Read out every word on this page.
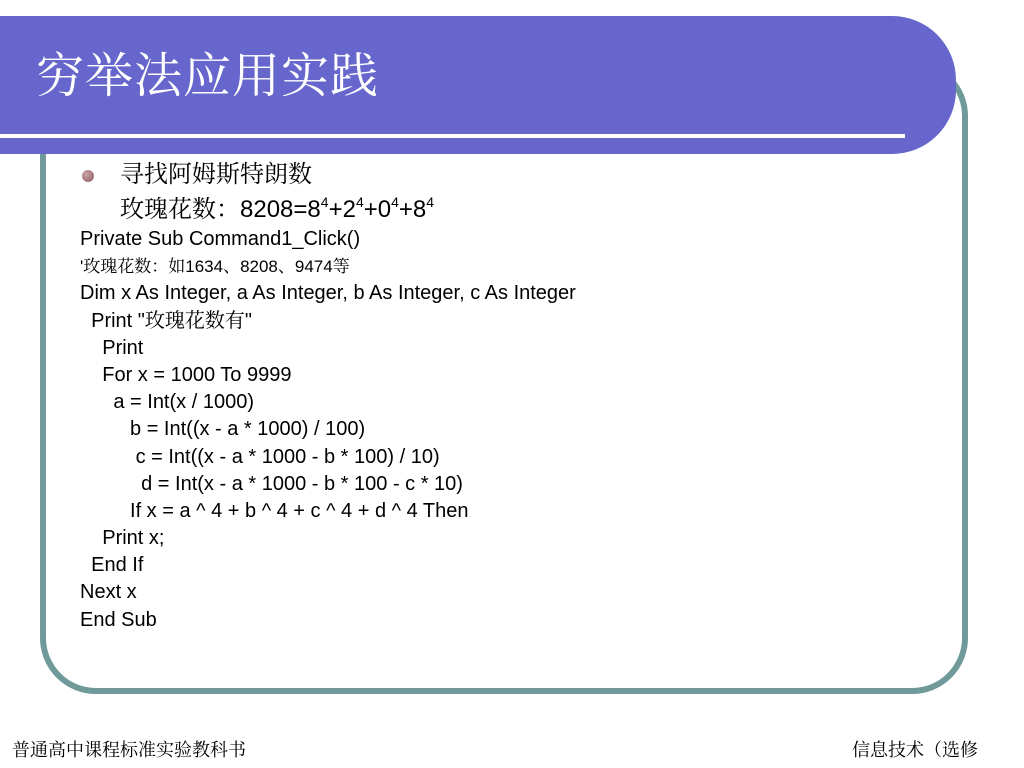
穷举法应用实践
寻找阿姆斯特朗数
玫瑰花数：$8208=8^4+2^4+0^4+8^4$
Private Sub Command1_Click()
'玫瑰花数：如1634、8208、9474等
Dim x As Integer, a As Integer, b As Integer, c As Integer
Print "玫瑰花数有"
Print
For x = 1000 To 9999
a = Int(x / 1000)
b = Int((x - a * 1000) / 100)
c = Int((x - a * 1000 - b * 100) / 10)
d = Int(x - a * 1000 - b * 100 - c * 10)
If x = a ^ 4 + b ^ 4 + c ^ 4 + d ^ 4 Then
Print x;
End If
Next x
End Sub
普通高中课程标准实验教科书	信息技术（选修
